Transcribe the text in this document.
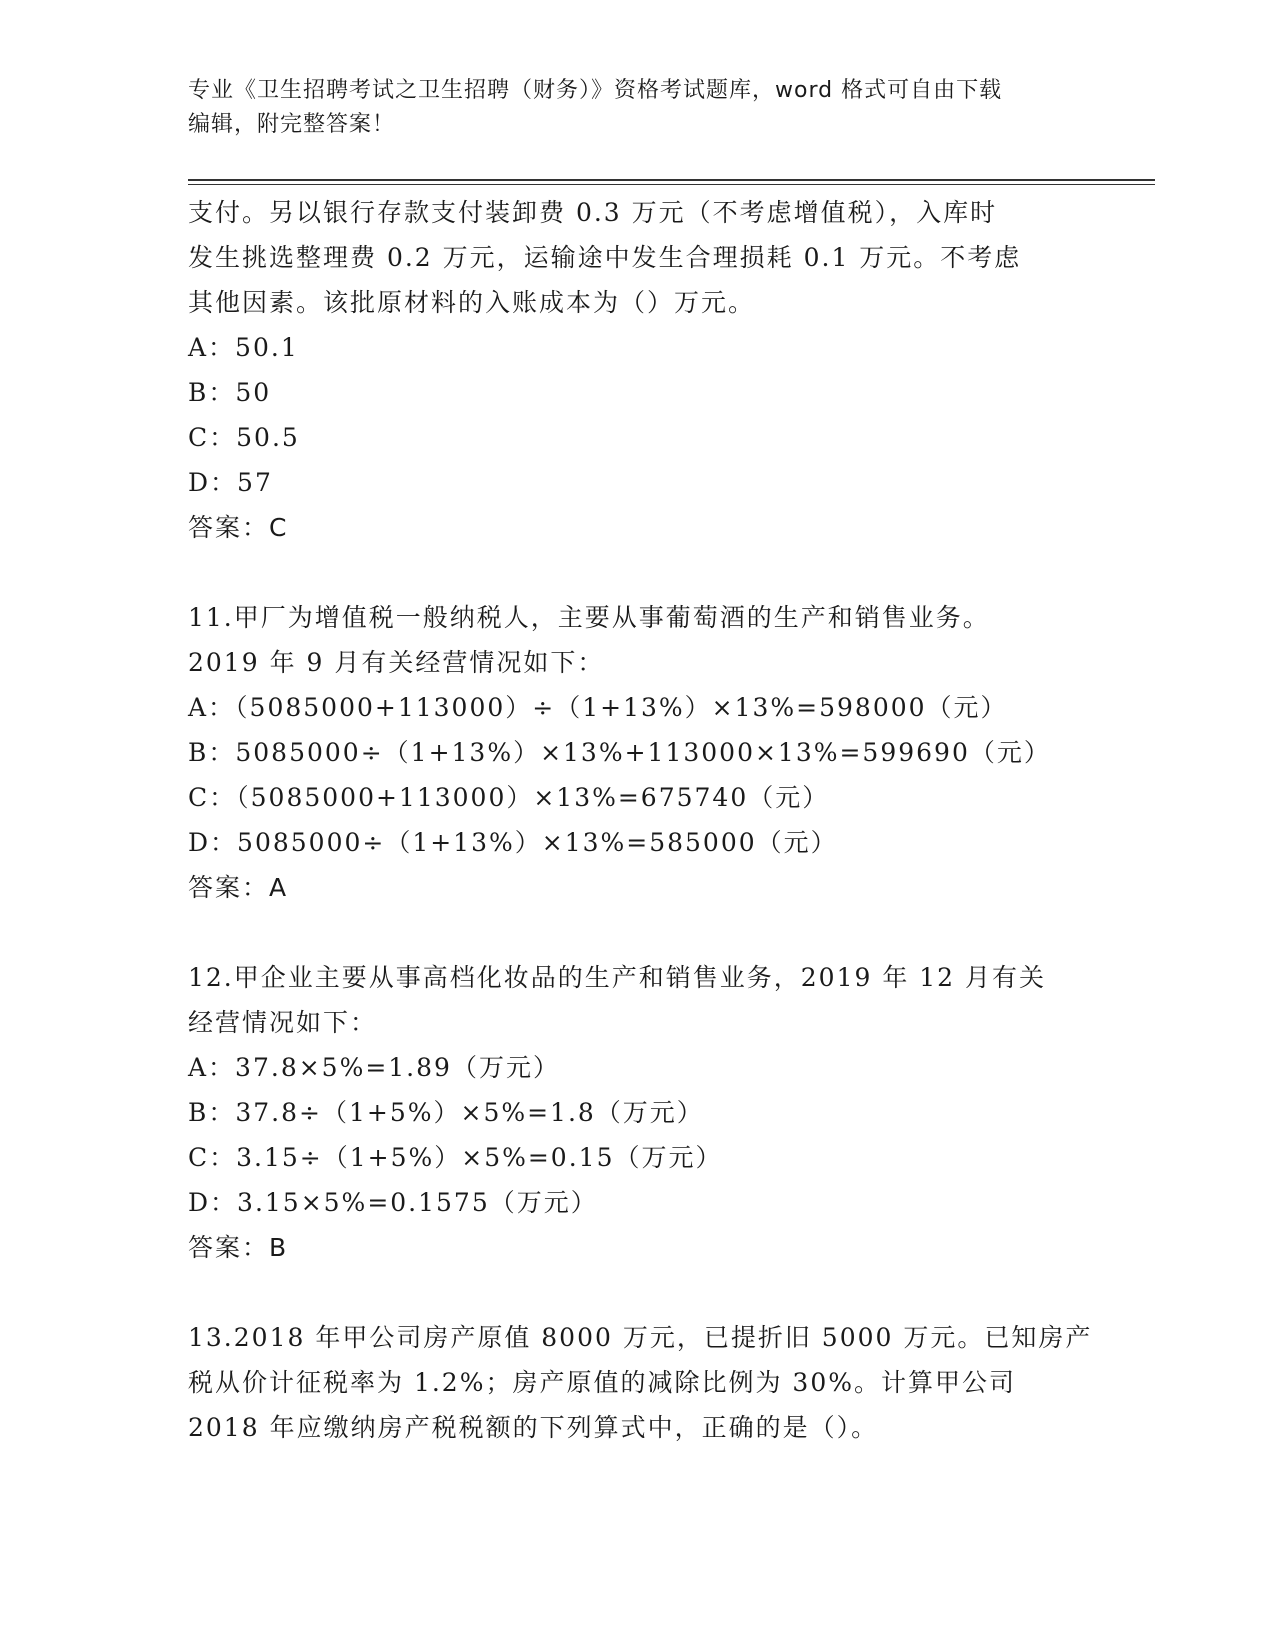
专业《卫生招聘考试之卫生招聘（财务）》资格考试题库，word 格式可自由下载
编辑，附完整答案！
支付。另以银行存款支付装卸费 0.3 万元（不考虑增值税），入库时
发生挑选整理费 0.2 万元，运输途中发生合理损耗 0.1 万元。不考虑
其他因素。该批原材料的入账成本为（）万元。
A：50.1
B：50
C：50.5
D：57
答案：C
11.甲厂为增值税一般纳税人，主要从事葡萄酒的生产和销售业务。
2019 年 9 月有关经营情况如下：
A：（5085000+113000）÷（1+13%）×13%=598000（元）
B：5085000÷（1+13%）×13%+113000×13%=599690（元）
C：（5085000+113000）×13%=675740（元）
D：5085000÷（1+13%）×13%=585000（元）
答案：A
12.甲企业主要从事高档化妆品的生产和销售业务，2019 年 12 月有关
经营情况如下：
A：37.8×5%=1.89（万元）
B：37.8÷（1+5%）×5%=1.8（万元）
C：3.15÷（1+5%）×5%=0.15（万元）
D：3.15×5%=0.1575（万元）
答案：B
13.2018 年甲公司房产原值 8000 万元，已提折旧 5000 万元。已知房产
税从价计征税率为 1.2%；房产原值的减除比例为 30%。计算甲公司
2018 年应缴纳房产税税额的下列算式中，正确的是（）。
